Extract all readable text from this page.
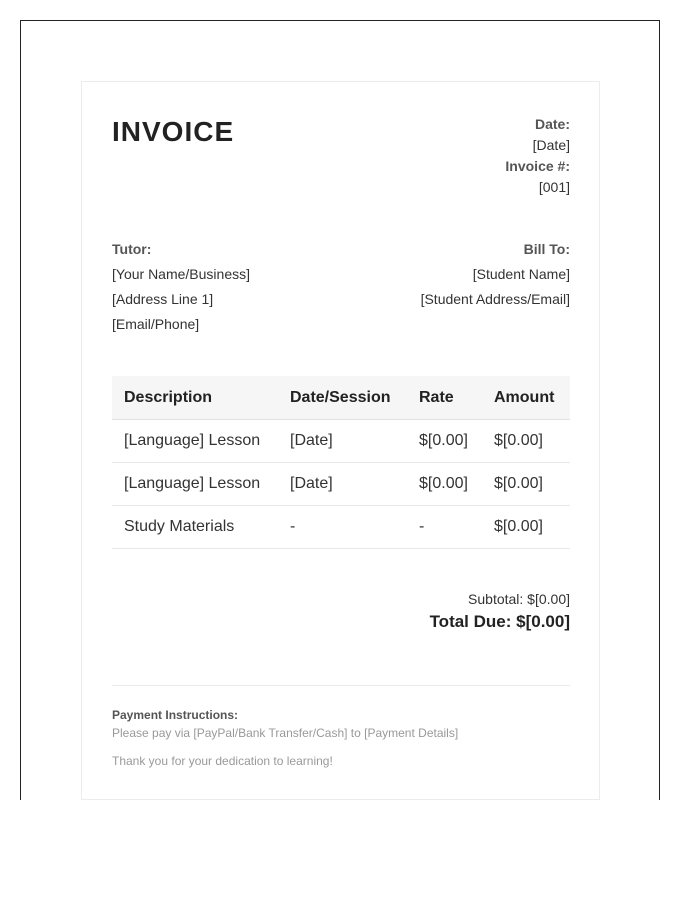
INVOICE	Date:
[Date]
Invoice #:
[001]
Tutor:
[Your Name/Business]
[Address Line 1]
[Email/Phone]
Bill To:
[Student Name]
[Student Address/Email]
Description	Date/Session	Rate	Amount
[Language] Lesson	[Date]	$[0.00]	$[0.00]
[Language] Lesson	[Date]	$[0.00]	$[0.00]
Study Materials	-	-	$[0.00]
Subtotal: $[0.00]
Total Due: $[0.00]
Payment Instructions:
Please pay via [PayPal/Bank Transfer/Cash] to [Payment Details]
Thank you for your dedication to learning!
